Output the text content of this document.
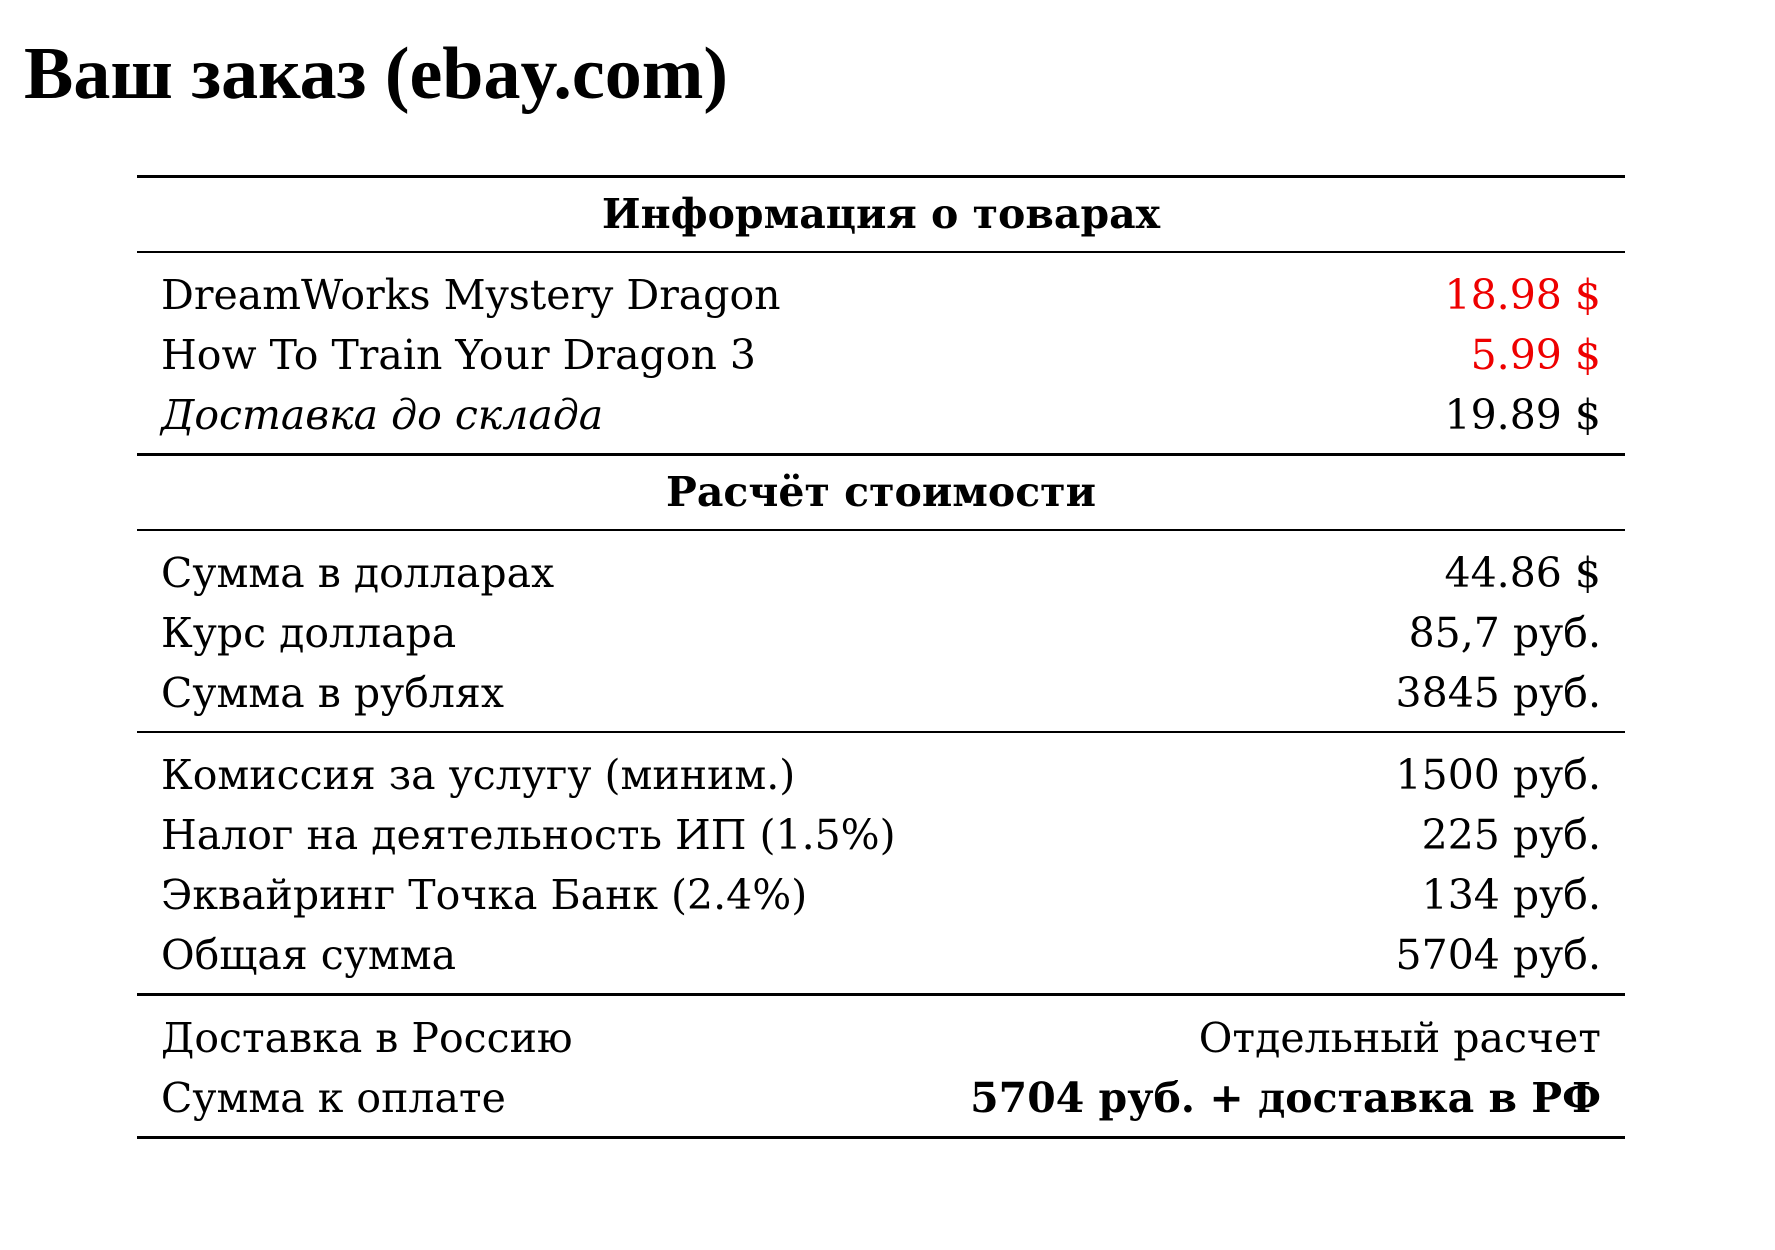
Ваш заказ (ebay.com)
Информация о товарах
DreamWorks Mystery Dragon	18.98 $
How To Train Your Dragon 3	5.99 $
Доставка до склада	19.89 $
Расчёт стоимости
Сумма в долларах	44.86 $
Курс доллара	85,7 руб.
Сумма в рублях	3845 руб.
Комиссия за услугу (миним.)	1500 руб.
Налог на деятельность ИП (1.5%)	225 руб.
Эквайринг Точка Банк (2.4%)	134 руб.
Общая сумма	5704 руб.
Доставка в Россию	Отдельный расчет
Сумма к оплате	5704 руб. + доставка в РФ
